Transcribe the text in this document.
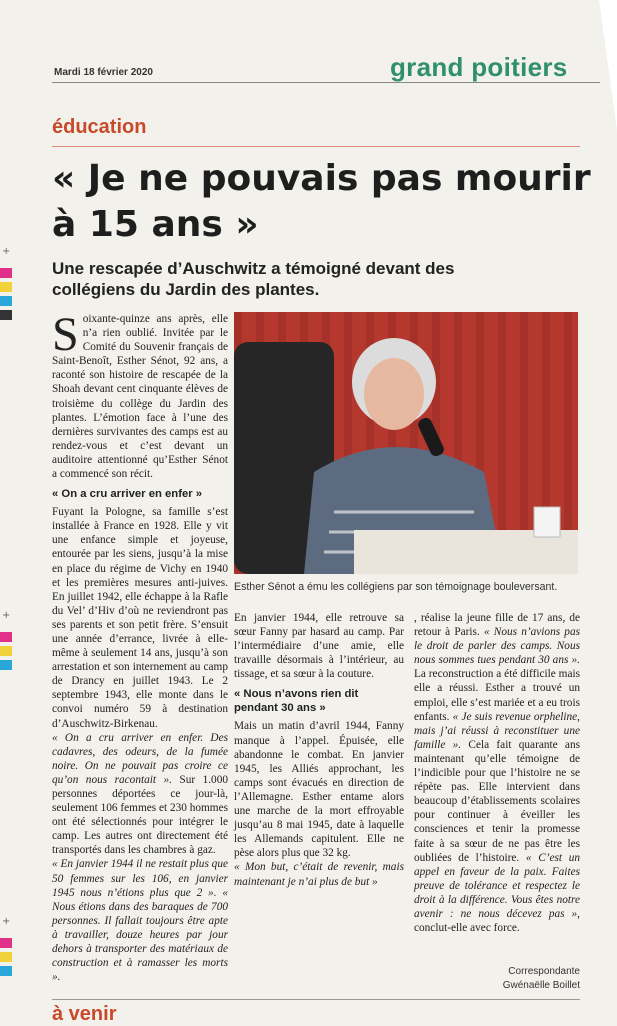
+
+
+
Mardi 18 février 2020	grand poitiers
éducation
« Je ne pouvais pas mourir à 15 ans »

Une rescapée d’Auschwitz a témoigné devant des collégiens du Jardin des plantes.

Soixante-quinze ans après, elle n’a rien oublié. Invitée par le Comité du Souvenir français de Saint-Benoît, Esther Sénot, 92 ans, a raconté son histoire de rescapée de la Shoah devant cent cinquante élèves de troisième du collège du Jardin des plantes. L’émotion face à l’une des dernières survivantes des camps est au rendez-vous et c’est devant un auditoire attentionné qu’Esther Sénot a commencé son récit.

« On a cru arriver en enfer »

Fuyant la Pologne, sa famille s’est installée à France en 1928. Elle y vit une enfance simple et joyeuse, entourée par les siens, jusqu’à la mise en place du régime de Vichy en 1940 et les premières mesures anti-juives. En juillet 1942, elle échappe à la Rafle du Vel’ d’Hiv d’où ne reviendront pas ses parents et son petit frère. S’ensuit une année d’errance, livrée à elle-même à seulement 14 ans, jusqu’à son arrestation et son internement au camp de Drancy en juillet 1943. Le 2 septembre 1943, elle monte dans le convoi numéro 59 à destination d’Auschwitz-Birkenau.

« On a cru arriver en enfer. Des cadavres, des odeurs, de la fumée noire. On ne pouvait pas croire ce qu’on nous racontait ». Sur 1.000 personnes déportées ce jour-là, seulement 106 femmes et 230 hommes ont été sélectionnés pour intégrer le camp. Les autres ont directement été transportés dans les chambres à gaz.

« En janvier 1944 il ne restait plus que 50 femmes sur les 106, en janvier 1945 nous n’étions plus que 2 ». « Nous étions dans des baraques de 700 personnes. Il fallait toujours être apte à travailler, douze heures par jour dehors à transporter des matériaux de construction et à ramasser les morts ».

Esther Sénot a ému les collégiens par son témoignage bouleversant.

En janvier 1944, elle retrouve sa sœur Fanny par hasard au camp. Par l’intermédiaire d’une amie, elle travaille désormais à l’intérieur, au tissage, et sa sœur à la couture.

« Nous n’avons rien dit pendant 30 ans »

Mais un matin d’avril 1944, Fanny manque à l’appel. Épuisée, elle abandonne le combat. En janvier 1945, les Alliés approchant, les camps sont évacués en direction de l’Allemagne. Esther entame alors une marche de la mort effroyable jusqu’au 8 mai 1945, date à laquelle les Allemands capitulent. Elle ne pèse alors plus que 32 kg.

« Mon but, c’était de revenir, mais maintenant je n’ai plus de but »

, réalise la jeune fille de 17 ans, de retour à Paris. « Nous n’avions pas le droit de parler des camps. Nous nous sommes tues pendant 30 ans ». La reconstruction a été difficile mais elle a réussi. Esther a trouvé un emploi, elle s’est mariée et a eu trois enfants. « Je suis revenue orpheline, mais j’ai réussi à reconstituer une famille ». Cela fait quarante ans maintenant qu’elle témoigne de l’indicible pour que l’histoire ne se répète pas. Elle intervient dans beaucoup d’établissements scolaires pour continuer à éveiller les consciences et tenir la promesse faite à sa sœur de ne pas être les oubliées de l’histoire. « C’est un appel en faveur de la paix. Faites preuve de tolérance et respectez le droit à la différence. Vous êtes notre avenir : ne nous décevez pas », conclut-elle avec force.

Correspondante

Gwénaëlle Boillet

à venir
